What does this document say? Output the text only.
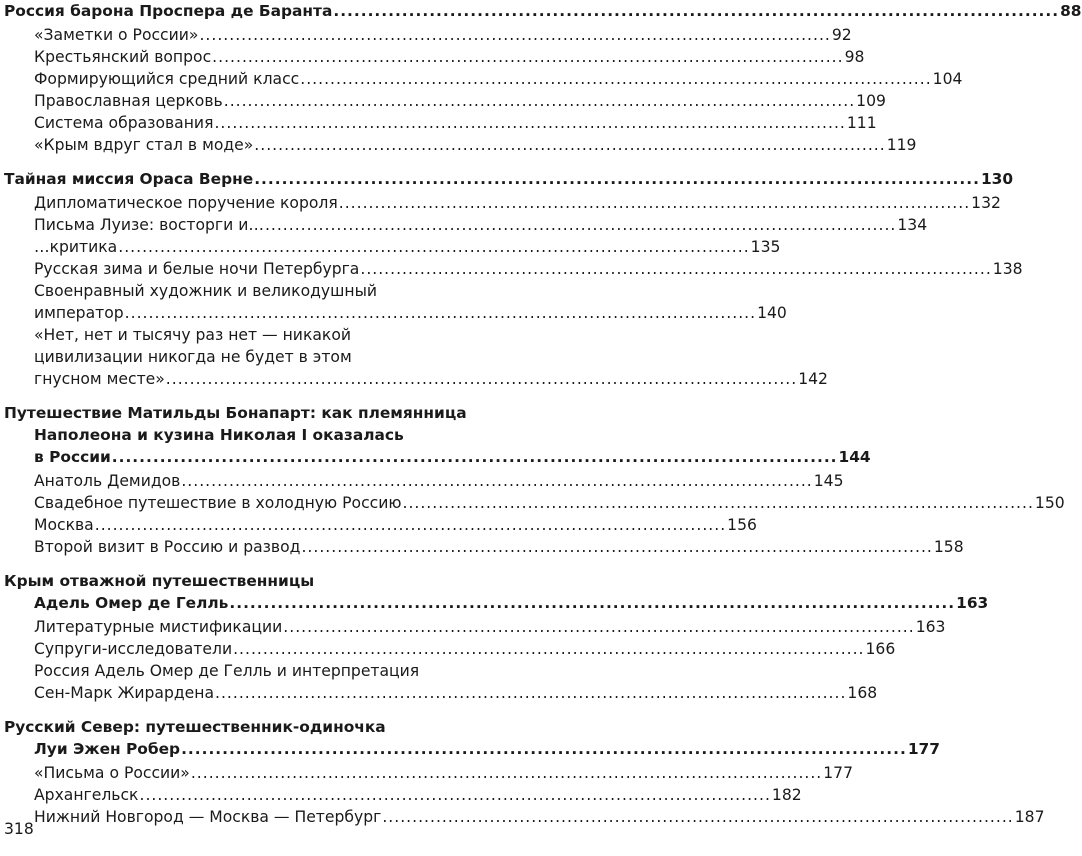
Россия барона Проспера де Баранта .......................................................................................................... 88
«Заметки о России» .......................................................................................................... 92
Крестьянский вопрос .......................................................................................................... 98
Формирующийся средний класс .......................................................................................................... 104
Православная церковь .......................................................................................................... 109
Система образования .......................................................................................................... 111
«Крым вдруг стал в моде» .......................................................................................................... 119
Тайная миссия Ораса Верне .......................................................................................................... 130
Дипломатическое поручение короля .......................................................................................................... 132
Письма Луизе: восторги и… .......................................................................................................... 134
…критика .......................................................................................................... 135
Русская зима и белые ночи Петербурга .......................................................................................................... 138
Своенравный художник и великодушный
император .......................................................................................................... 140
«Нет, нет и тысячу раз нет — никакой
цивилизации никогда не будет в этом
гнусном месте» .......................................................................................................... 142
Путешествие Матильды Бонапарт: как племянница
Наполеона и кузина Николая I оказалась
в России .......................................................................................................... 144
Анатоль Демидов .......................................................................................................... 145
Свадебное путешествие в холодную Россию .......................................................................................................... 150
Москва .......................................................................................................... 156
Второй визит в Россию и развод .......................................................................................................... 158
Крым отважной путешественницы
Адель Омер де Гелль .......................................................................................................... 163
Литературные мистификации .......................................................................................................... 163
Супруги-исследователи .......................................................................................................... 166
Россия Адель Омер де Гелль и интерпретация
Сен-Марк Жирардена .......................................................................................................... 168
Русский Север: путешественник-одиночка
Луи Эжен Робер .......................................................................................................... 177
«Письма о России» .......................................................................................................... 177
Архангельск .......................................................................................................... 182
Нижний Новгород — Москва — Петербург .......................................................................................................... 187
318
